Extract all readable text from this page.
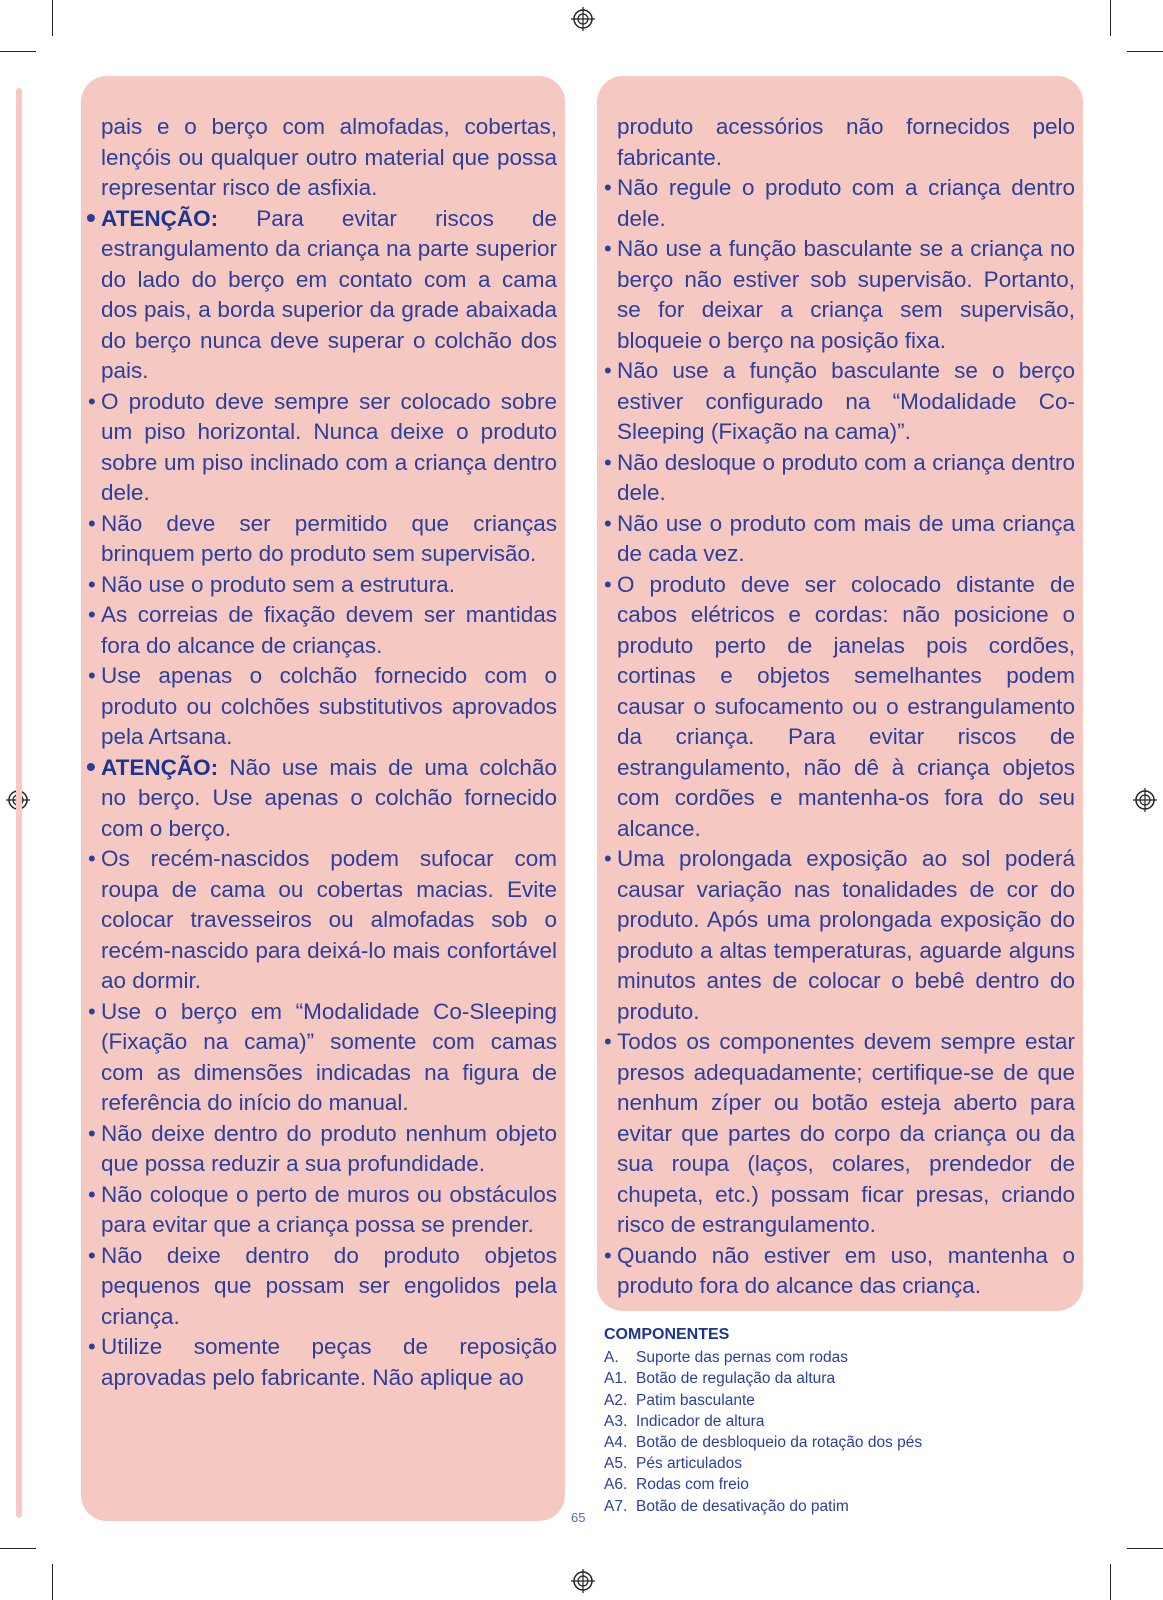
pais e o berço com almofadas, cobertas, lençóis ou qualquer outro material que possa representar risco de asfixia.

• ATENÇÃO: Para evitar riscos de estrangulamento da criança na parte superior do lado do berço em contato com a cama dos pais, a borda superior da grade abaixada do berço nunca deve superar o colchão dos pais.

• O produto deve sempre ser colocado sobre um piso horizontal. Nunca deixe o produto sobre um piso inclinado com a criança dentro dele.

• Não deve ser permitido que crianças brinquem perto do produto sem supervisão.

• Não use o produto sem a estrutura.

• As correias de fixação devem ser mantidas fora do alcance de crianças.

• Use apenas o colchão fornecido com o produto ou colchões substitutivos aprovados pela Artsana.

• ATENÇÃO: Não use mais de uma colchão no berço. Use apenas o colchão fornecido com o berço.

• Os recém-nascidos podem sufocar com roupa de cama ou cobertas macias. Evite colocar travesseiros ou almofadas sob o recém-nascido para deixá-lo mais confortável ao dormir.

• Use o berço em “Modalidade Co-Sleeping (Fixação na cama)” somente com camas com as dimensões indicadas na figura de referência do início do manual.

• Não deixe dentro do produto nenhum objeto que possa reduzir a sua profundidade.

• Não coloque o perto de muros ou obstáculos para evitar que a criança possa se prender.

• Não deixe dentro do produto objetos pequenos que possam ser engolidos pela criança.

• Utilize somente peças de reposição aprovadas pelo fabricante. Não aplique ao

produto acessórios não fornecidos pelo fabricante.

• Não regule o produto com a criança dentro dele.

• Não use a função basculante se a criança no berço não estiver sob supervisão. Portanto, se for deixar a criança sem supervisão, bloqueie o berço na posição fixa.

• Não use a função basculante se o berço estiver configurado na “Modalidade Co-Sleeping (Fixação na cama)”.

• Não desloque o produto com a criança dentro dele.

• Não use o produto com mais de uma criança de cada vez.

• O produto deve ser colocado distante de cabos elétricos e cordas: não posicione o produto perto de janelas pois cordões, cortinas e objetos semelhantes podem causar o sufocamento ou o estrangulamento da criança. Para evitar riscos de estrangulamento, não dê à criança objetos com cordões e mantenha-os fora do seu alcance.

• Uma prolongada exposição ao sol poderá causar variação nas tonalidades de cor do produto. Após uma prolongada exposição do produto a altas temperaturas, aguarde alguns minutos antes de colocar o bebê dentro do produto.

• Todos os componentes devem sempre estar presos adequadamente; certifique-se de que nenhum zíper ou botão esteja aberto para evitar que partes do corpo da criança ou da sua roupa (laços, colares, prendedor de chupeta, etc.) possam ficar presas, criando risco de estrangulamento.

• Quando não estiver em uso, mantenha o produto fora do alcance das criança.

COMPONENTES
A.	Suporte das pernas com rodas
A1. Botão de regulação da altura
A2. Patim basculante
A3. Indicador de altura
A4. Botão de desbloqueio da rotação dos pés
A5. Pés articulados
A6. Rodas com freio
A7. Botão de desativação do patim
65
